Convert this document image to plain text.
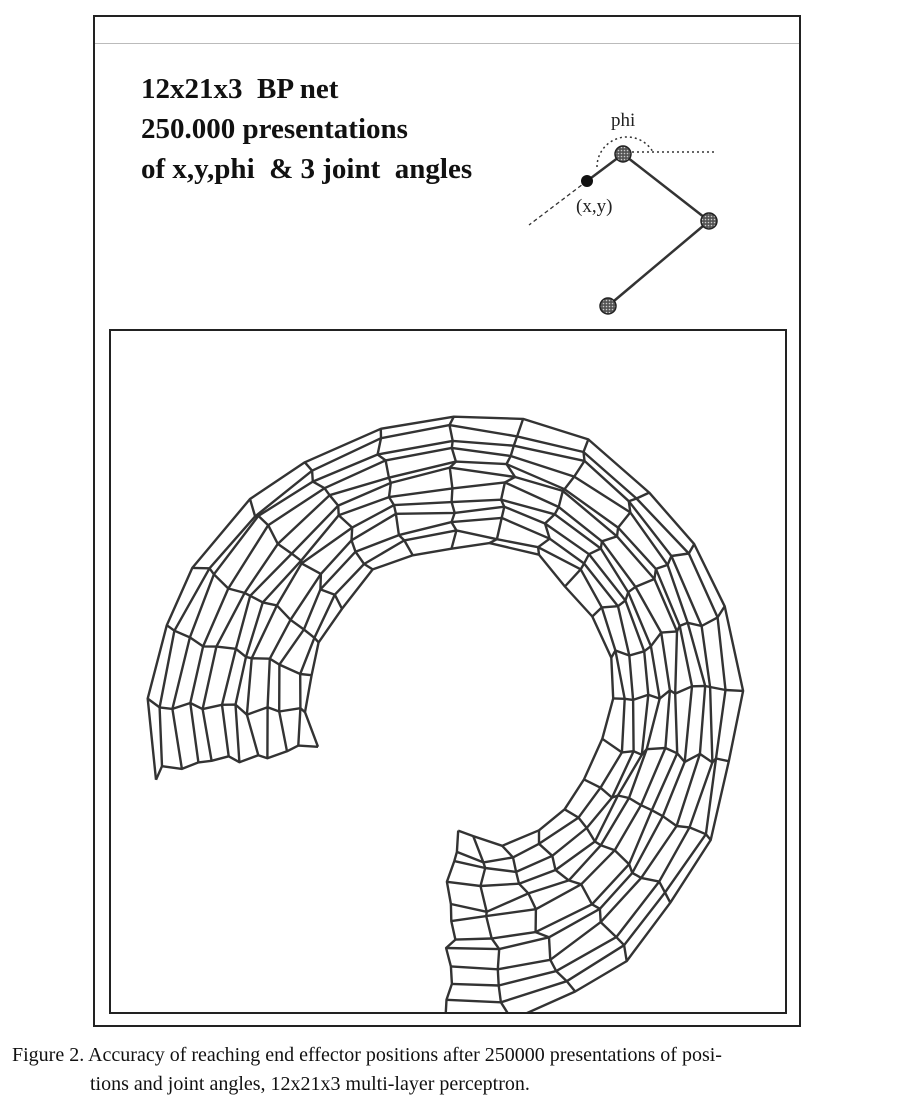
12x21x3  BP net
250.000 presentations
of x,y,phi  & 3 joint  angles
phi
(x,y)
Figure 2. Accuracy of reaching end effector positions after 250000 presentations of posi-
tions and joint angles, 12x21x3 multi-layer perceptron.
